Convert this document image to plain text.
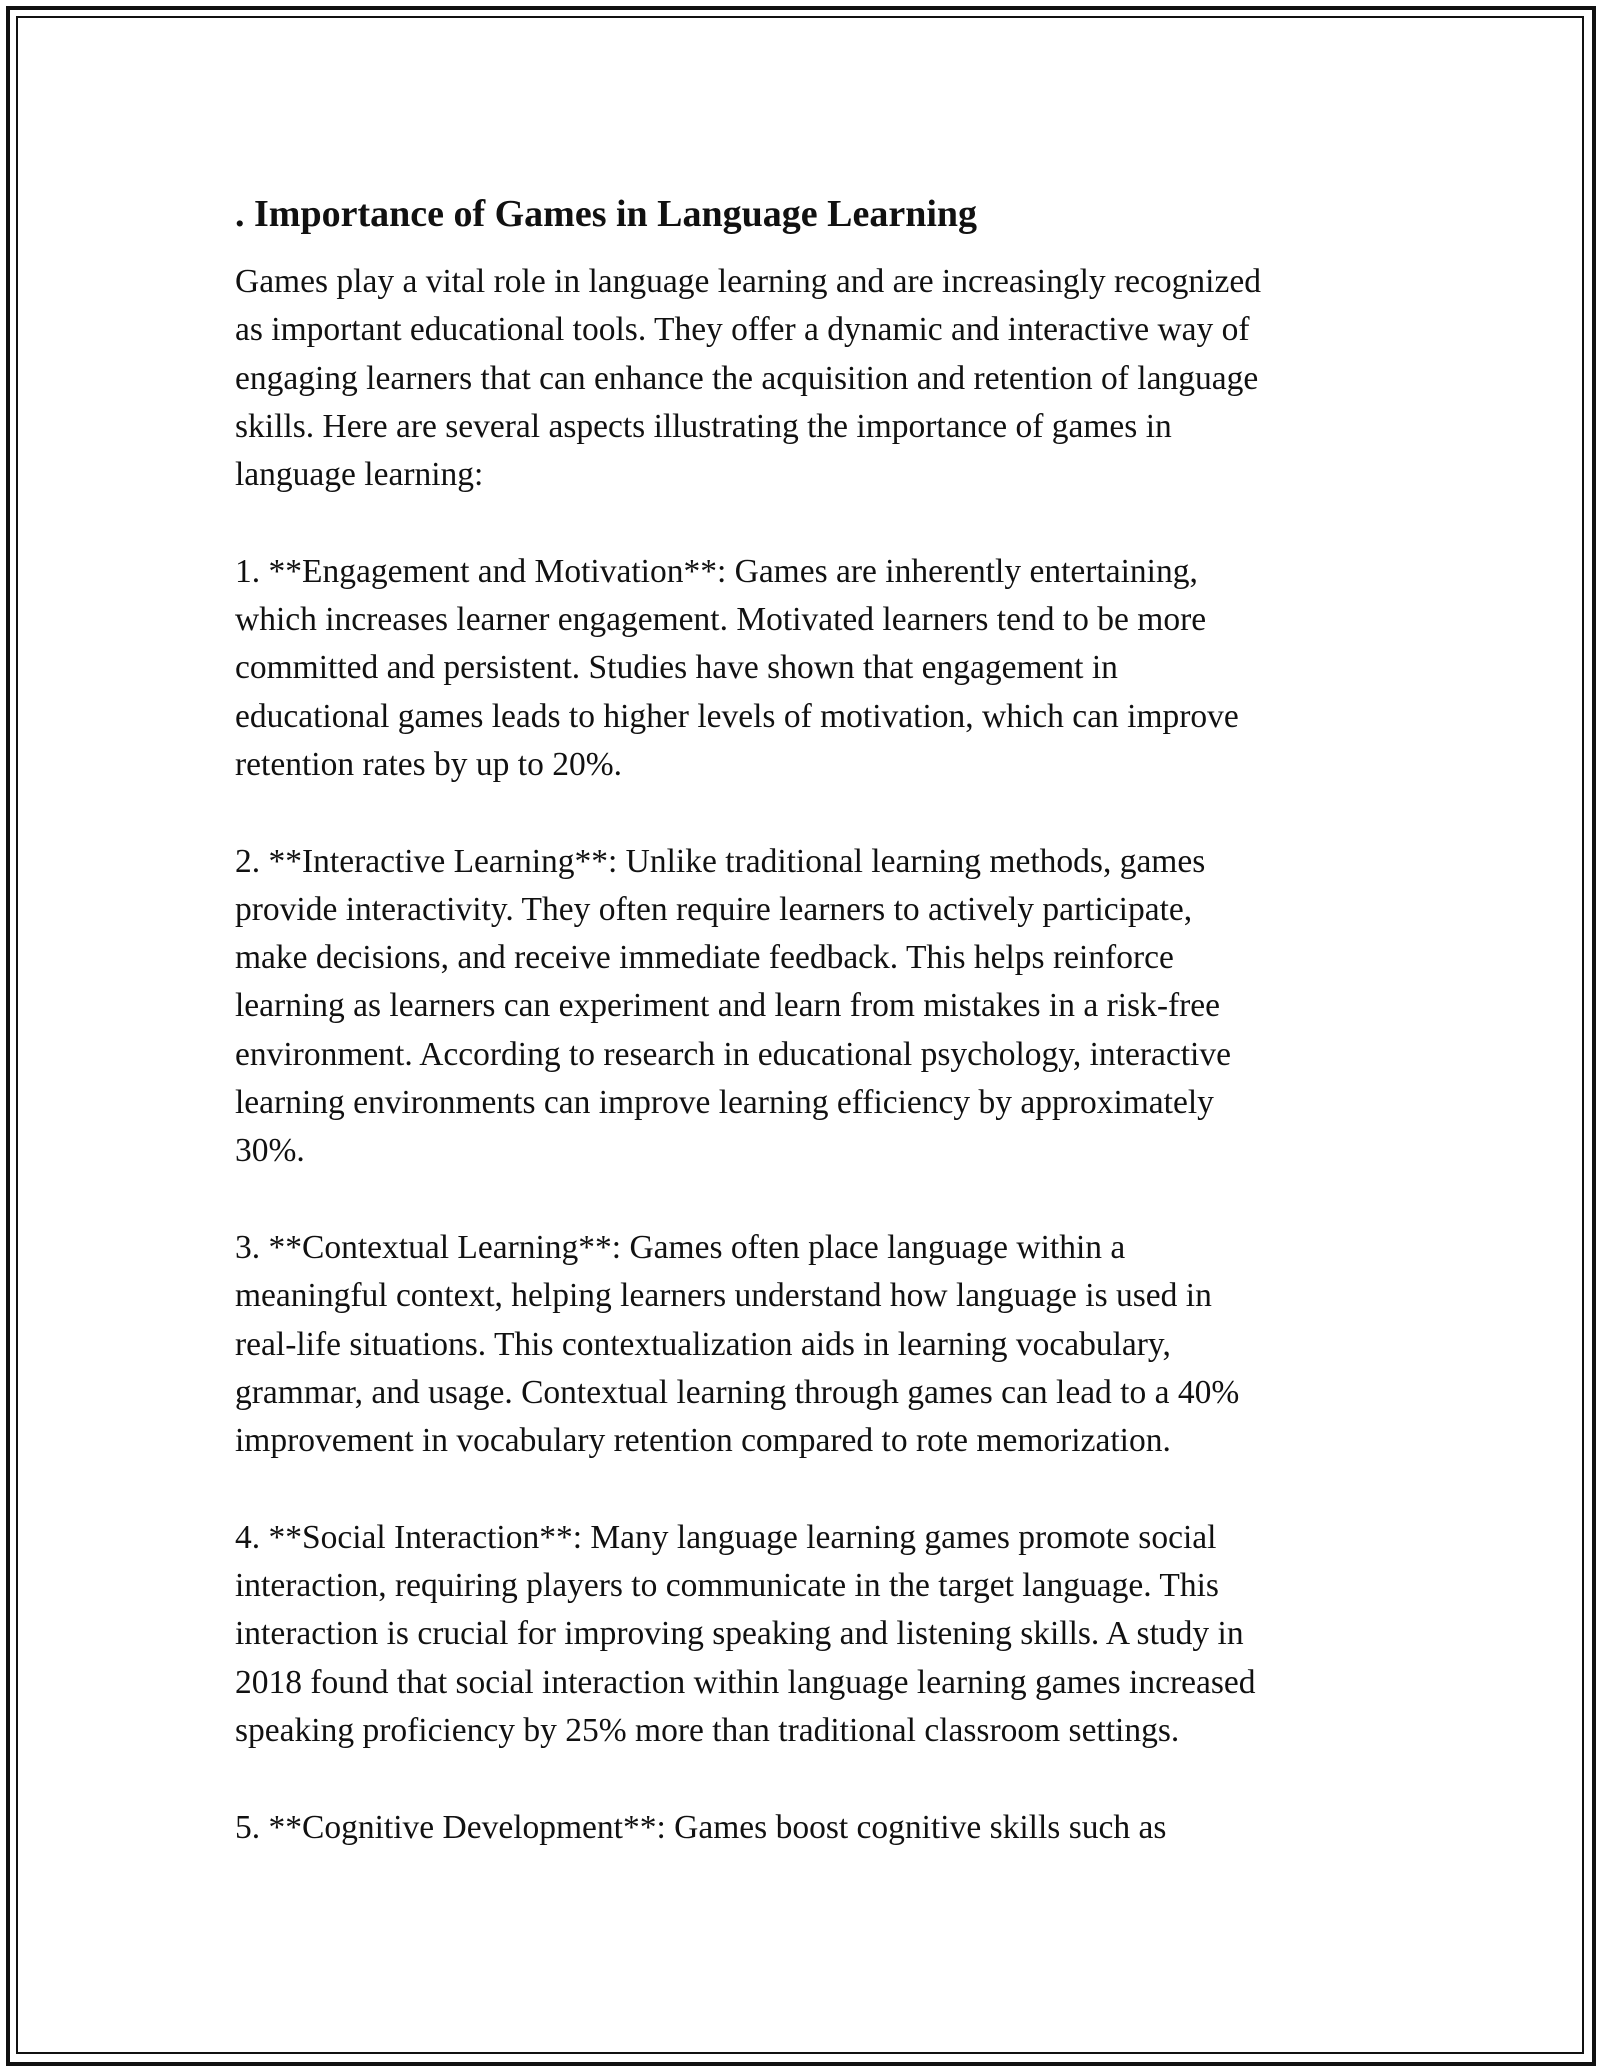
. Importance of Games in Language Learning
Games play a vital role in language learning and are increasingly recognized
as important educational tools. They offer a dynamic and interactive way of
engaging learners that can enhance the acquisition and retention of language
skills. Here are several aspects illustrating the importance of games in
language learning:
1. **Engagement and Motivation**: Games are inherently entertaining,
which increases learner engagement. Motivated learners tend to be more
committed and persistent. Studies have shown that engagement in
educational games leads to higher levels of motivation, which can improve
retention rates by up to 20%.
2. **Interactive Learning**: Unlike traditional learning methods, games
provide interactivity. They often require learners to actively participate,
make decisions, and receive immediate feedback. This helps reinforce
learning as learners can experiment and learn from mistakes in a risk-free
environment. According to research in educational psychology, interactive
learning environments can improve learning efficiency by approximately
30%.
3. **Contextual Learning**: Games often place language within a
meaningful context, helping learners understand how language is used in
real-life situations. This contextualization aids in learning vocabulary,
grammar, and usage. Contextual learning through games can lead to a 40%
improvement in vocabulary retention compared to rote memorization.
4. **Social Interaction**: Many language learning games promote social
interaction, requiring players to communicate in the target language. This
interaction is crucial for improving speaking and listening skills. A study in
2018 found that social interaction within language learning games increased
speaking proficiency by 25% more than traditional classroom settings.
5. **Cognitive Development**: Games boost cognitive skills such as
